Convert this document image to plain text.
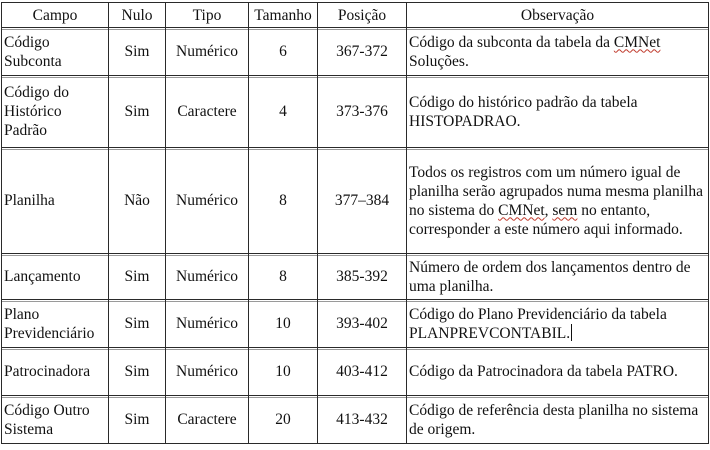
Campo	Nulo	Tipo	Tamanho	Posição	Observação
Código Subconta	Sim	Numérico	6	367-372	Código da subconta da tabela da CMNet Soluções.
Código do Histórico Padrão	Sim	Caractere	4	373-376	Código do histórico padrão da tabela HISTOPADRAO.
Planilha	Não	Numérico	8	377–384	Todos os registros com um número igual de planilha serão agrupados numa mesma planilha no sistema do CMNet, sem no entanto, corresponder a este número aqui informado.
Lançamento	Sim	Numérico	8	385-392	Número de ordem dos lançamentos dentro de uma planilha.
Plano Previdenciário	Sim	Numérico	10	393-402	Código do Plano Previdenciário da tabela PLANPREVCONTABIL.
Patrocinadora	Sim	Numérico	10	403-412	Código da Patrocinadora da tabela PATRO.
Código Outro Sistema	Sim	Caractere	20	413-432	Código de referência desta planilha no sistema de origem.
